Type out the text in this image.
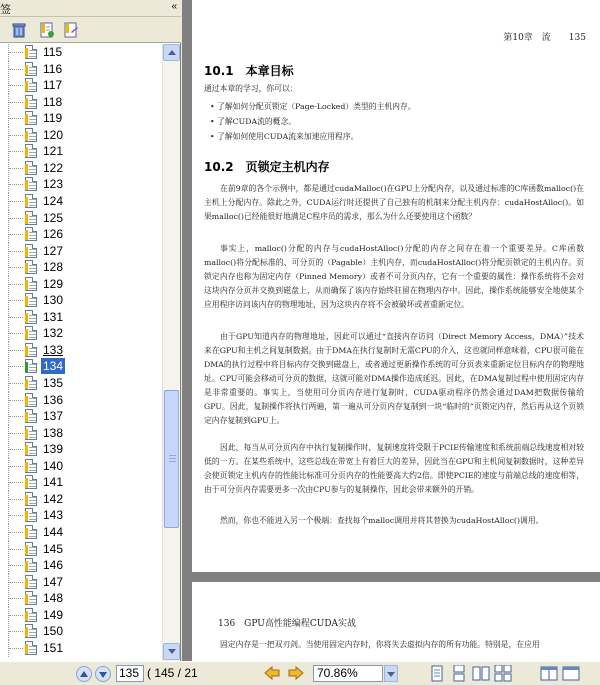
签	«
115
116
117
118
119
120
121
122
123
124
125
126
127
128
129
130
131
132
133
134
135
136
137
138
139
140
141
142
143
144
145
146
147
148
149
150
151
第10章　流　　135
10.1　本章目标
通过本章的学习，你可以：
• 了解如何分配页锁定（Page-Locked）类型的主机内存。
• 了解CUDA流的概念。
• 了解如何使用CUDA流来加速应用程序。
10.2　页锁定主机内存
在前9章的各个示例中，都是通过cudaMalloc()在GPU上分配内存，以及通过标准的C库函数malloc()在主机上分配内存。除此之外，CUDA运行时还提供了自己独有的机制来分配主机内存：cudaHostAlloc()。如果malloc()已经能很好地满足C程序员的需求，那么为什么还要使用这个函数？
事实上，malloc()分配的内存与cudaHostAlloc()分配的内存之间存在着一个重要差异。C库函数malloc()将分配标准的、可分页的（Pagable）主机内存，而cudaHostAlloc()将分配页锁定的主机内存。页锁定内存也称为固定内存（Pinned Memory）或者不可分页内存，它有一个重要的属性：操作系统将不会对这块内存分页并交换到磁盘上，从而确保了该内存始终驻留在物理内存中。因此，操作系统能够安全地使某个应用程序访问该内存的物理地址，因为这块内存将不会被破坏或者重新定位。
由于GPU知道内存的物理地址，因此可以通过“直接内存访问（Direct Memory Access，DMA）”技术来在GPU和主机之间复制数据。由于DMA在执行复制时无需CPU的介入，这也就同样意味着，CPU很可能在DMA的执行过程中将目标内存交换到磁盘上，或者通过更新操作系统的可分页表来重新定位目标内存的物理地址。CPU可能会移动可分页的数据，这就可能对DMA操作造成延迟。因此，在DMA复制过程中使用固定内存是非常重要的。事实上，当使用可分页内存进行复制时，CUDA驱动程序仍然会通过DAM把数据传输给GPU。因此，复制操作将执行两遍，第一遍从可分页内存复制到一块“临时的”页锁定内存，然后再从这个页锁定内存复制到GPU上。
因此，每当从可分页内存中执行复制操作时，复制速度将受限于PCIE传输速度和系统前端总线速度相对较低的一方。在某些系统中，这些总线在带宽上有着巨大的差异，因此当在GPU和主机间复制数据时，这种差异会使页锁定主机内存的性能比标准可分页内存的性能要高大约2倍。即使PCIE的速度与前端总线的速度相等，由于可分页内存需要更多一次由CPU参与的复制操作，因此会带来额外的开销。
然而，你也不能进入另一个极端：查找每个malloc调用并将其替换为cudaHostAlloc()调用。
136　GPU高性能编程CUDA实战
固定内存是一把双刃剑。当使用固定内存时，你将失去虚拟内存的所有功能。特别是，在应用
135 ( 145 / 21	70.86%
